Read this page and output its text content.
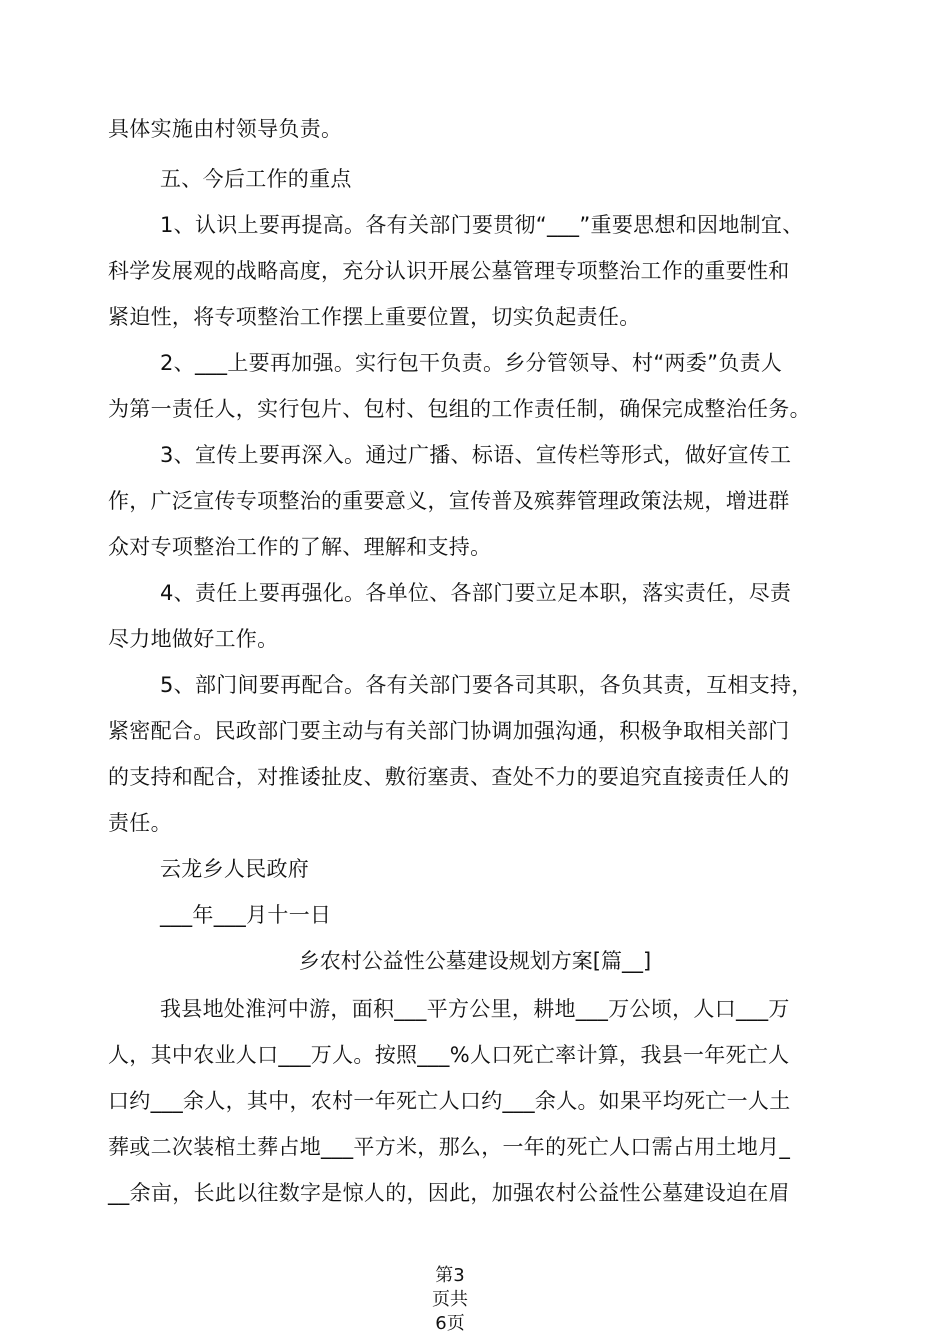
具体实施由村领导负责。
五、今后工作的重点
1、认识上要再提高。各有关部门要贯彻“___”重要思想和因地制宜、
科学发展观的战略高度，充分认识开展公墓管理专项整治工作的重要性和
紧迫性，将专项整治工作摆上重要位置，切实负起责任。
2、___上要再加强。实行包干负责。乡分管领导、村“两委”负责人
为第一责任人，实行包片、包村、包组的工作责任制，确保完成整治任务。
3、宣传上要再深入。通过广播、标语、宣传栏等形式，做好宣传工
作，广泛宣传专项整治的重要意义，宣传普及殡葬管理政策法规，增进群
众对专项整治工作的了解、理解和支持。
4、责任上要再强化。各单位、各部门要立足本职，落实责任，尽责
尽力地做好工作。
5、部门间要再配合。各有关部门要各司其职，各负其责，互相支持，
紧密配合。民政部门要主动与有关部门协调加强沟通，积极争取相关部门
的支持和配合，对推诿扯皮、敷衍塞责、查处不力的要追究直接责任人的
责任。
云龙乡人民政府
___年___月十一日
乡农村公益性公墓建设规划方案[篇__]
我县地处淮河中游，面积___平方公里，耕地___万公顷，人口___万
人，其中农业人口___万人。按照___%人口死亡率计算，我县一年死亡人
口约___余人，其中，农村一年死亡人口约___余人。如果平均死亡一人土
葬或二次装棺土葬占地___平方米，那么，一年的死亡人口需占用土地月_
__余亩，长此以往数字是惊人的，因此，加强农村公益性公墓建设迫在眉
第3
页共
6页
